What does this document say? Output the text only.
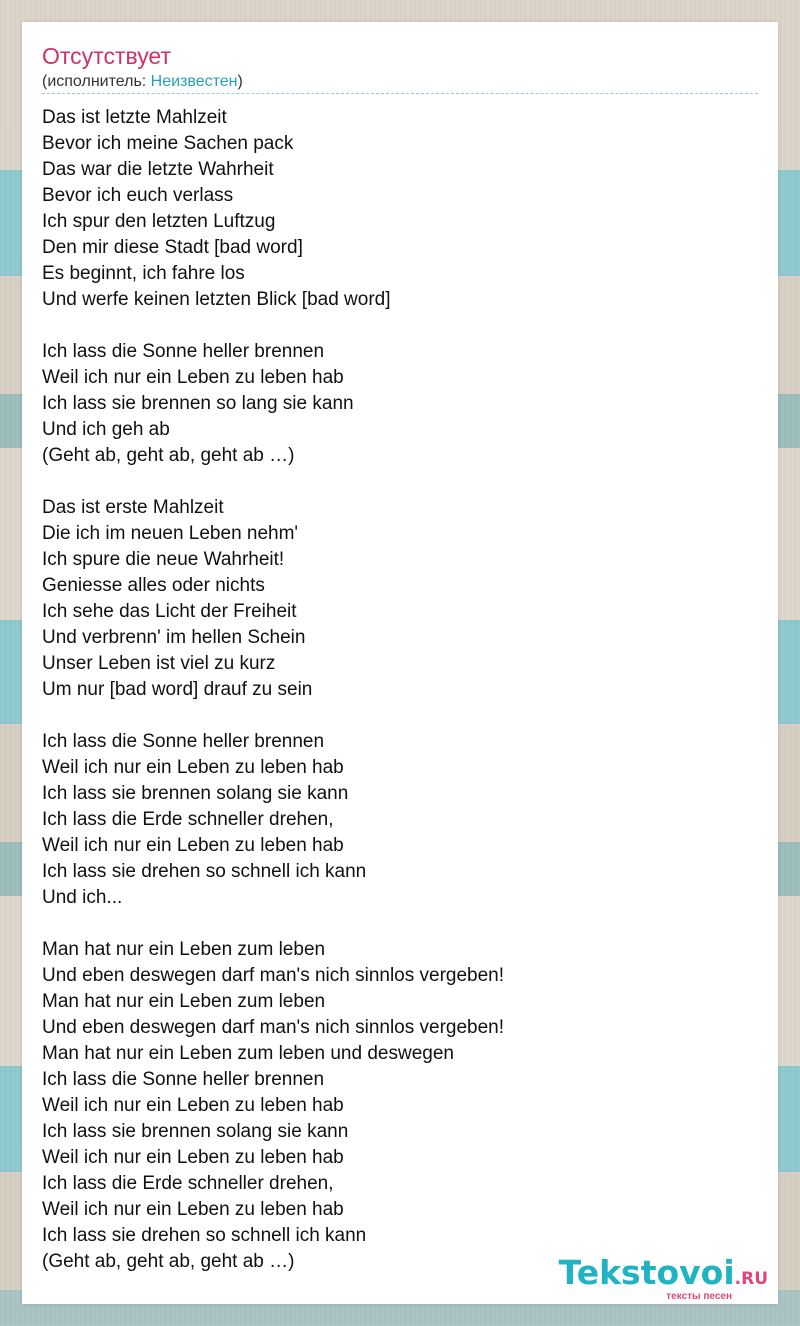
Отсутствует
(исполнитель: Неизвестен)
Das ist letzte Mahlzeit
Bevor ich meine Sachen pack
Das war die letzte Wahrheit
Bevor ich euch verlass
Ich spur den letzten Luftzug
Den mir diese Stadt [bad word]
Es beginnt, ich fahre los
Und werfe keinen letzten Blick [bad word]

Ich lass die Sonne heller brennen
Weil ich nur ein Leben zu leben hab
Ich lass sie brennen so lang sie kann
Und ich geh ab
(Geht ab, geht ab, geht ab …)

Das ist erste Mahlzeit
Die ich im neuen Leben nehm'
Ich spure die neue Wahrheit!
Geniesse alles oder nichts
Ich sehe das Licht der Freiheit
Und verbrenn' im hellen Schein
Unser Leben ist viel zu kurz
Um nur [bad word] drauf zu sein

Ich lass die Sonne heller brennen
Weil ich nur ein Leben zu leben hab
Ich lass sie brennen solang sie kann
Ich lass die Erde schneller drehen,
Weil ich nur ein Leben zu leben hab
Ich lass sie drehen so schnell ich kann
Und ich...

Man hat nur ein Leben zum leben
Und eben deswegen darf man's nich sinnlos vergeben!
Man hat nur ein Leben zum leben
Und eben deswegen darf man's nich sinnlos vergeben!
Man hat nur ein Leben zum leben und deswegen
Ich lass die Sonne heller brennen
Weil ich nur ein Leben zu leben hab
Ich lass sie brennen solang sie kann
Weil ich nur ein Leben zu leben hab
Ich lass die Erde schneller drehen,
Weil ich nur ein Leben zu leben hab
Ich lass sie drehen so schnell ich kann
(Geht ab, geht ab, geht ab …)	Tekstovoi.RU
тексты песен
